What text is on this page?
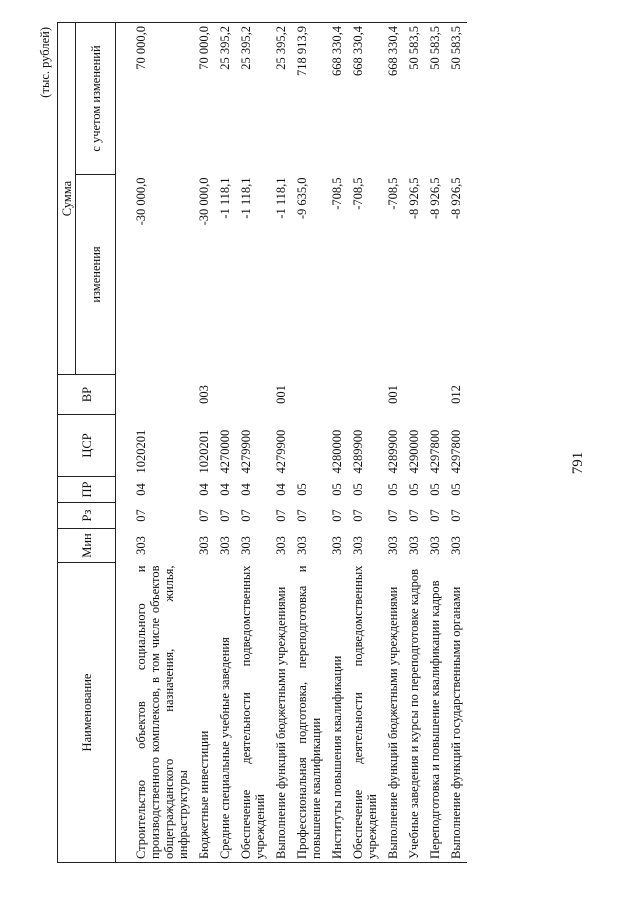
791
(тыс. рублей)
Наименование	Мин	Рз	ПР	ЦСР	ВР	Сумма	
						изменения	с учетом изменений
Строительство объектов социального и производственного комплексов, в том числе объектов общегражданского назначения, жилья, инфраструктуры	303	07	04	1020201		-30 000,0	70 000,0
Бюджетные инвестиции	303	07	04	1020201	003	-30 000,0	70 000,0
Средние специальные учебные заведения	303	07	04	4270000		-1 118,1	25 395,2
Обеспечение деятельности подведомственных учреждений	303	07	04	4279900		-1 118,1	25 395,2
Выполнение функций бюджетными учреждениями	303	07	04	4279900	001	-1 118,1	25 395,2
Профессиональная подготовка, переподготовка и повышение квалификации	303	07	05			-9 635,0	718 913,9
Институты повышения квалификации	303	07	05	4280000		-708,5	668 330,4
Обеспечение деятельности подведомственных учреждений	303	07	05	4289900		-708,5	668 330,4
Выполнение функций бюджетными учреждениями	303	07	05	4289900	001	-708,5	668 330,4
Учебные заведения и курсы по переподготовке кадров	303	07	05	4290000		-8 926,5	50 583,5
Переподготовка и повышение квалификации кадров	303	07	05	4297800		-8 926,5	50 583,5
Выполнение функций государственными органами	303	07	05	4297800	012	-8 926,5	50 583,5
